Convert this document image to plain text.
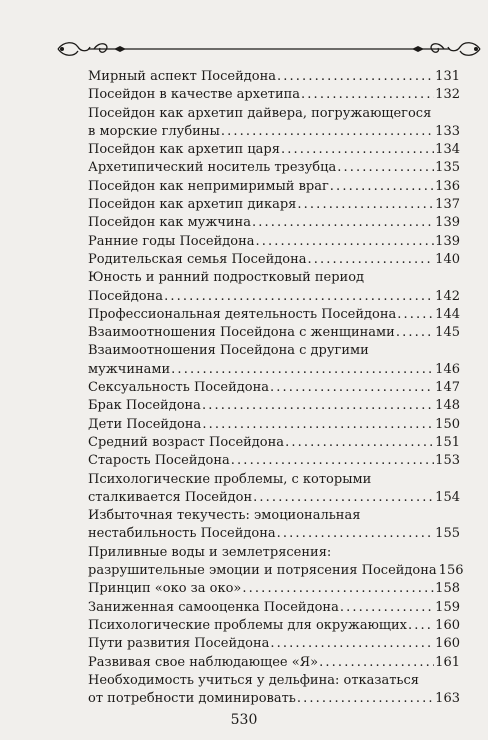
Мирный аспект Посейдона . . .	131
Посейдон в качестве архетипа . . .	132
Посейдон как архетип дайвера, погружающегося
в морские глубины . . .	133
Посейдон как архетип царя . . .	134
Архетипический носитель трезубца . . .	135
Посейдон как непримиримый враг . . .	136
Посейдон как архетип дикаря . . .	137
Посейдон как мужчина . . .	139
Ранние годы Посейдона . . .	139
Родительская семья Посейдона . . .	140
Юность и ранний подростковый период
Посейдона . . .	142
Профессиональная деятельность Посейдона . . .	144
Взаимоотношения Посейдона с женщинами . . .	145
Взаимоотношения Посейдона с другими
мужчинами . . .	146
Сексуальность Посейдона . . .	147
Брак Посейдона . . .	148
Дети Посейдона . . .	150
Средний возраст Посейдона . . .	151
Старость Посейдона . . .	153
Психологические проблемы, с которыми
сталкивается Посейдон . . .	154
Избыточная текучесть: эмоциональная
нестабильность Посейдона . . .	155
Приливные воды и землетрясения:
разрушительные эмоции и потрясения Посейдона 156
Принцип «око за око» . . .	158
Заниженная самооценка Посейдона . . .	159
Психологические проблемы для окружающих . . . 160
Пути развития Посейдона . . .	160
Развивая свое наблюдающее «Я» . . .	161
Необходимость учиться у дельфина: отказаться
от потребности доминировать . . .	163
530
